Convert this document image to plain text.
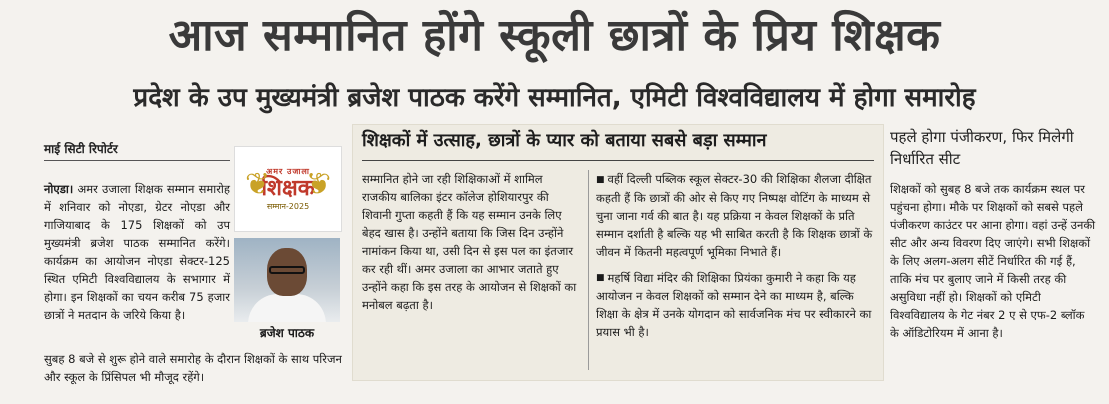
आज सम्मानित होंगे स्कूली छात्रों के प्रिय शिक्षक
प्रदेश के उप मुख्यमंत्री ब्रजेश पाठक करेंगे सम्मानित, एमिटी विश्वविद्यालय में होगा समारोह
माई सिटी रिपोर्टर
नोएडा। अमर उजाला शिक्षक सम्मान समारोह में शनिवार को नोएडा, ग्रेटर नोएडा और गाजियाबाद के 175 शिक्षकों को उप मुख्यमंत्री ब्रजेश पाठक सम्मानित करेंगे। कार्यक्रम का आयोजन नोएडा सेक्टर-125 स्थित एमिटी विश्वविद्यालय के सभागार में होगा। इन शिक्षकों का चयन करीब 75 हजार छात्रों ने मतदान के जरिये किया है।
सुबह 8 बजे से शुरू होने वाले समारोह के दौरान शिक्षकों के साथ परिजन और स्कूल के प्रिंसिपल भी मौजूद रहेंगे।
❦ ❦
अमर उजाला
शिक्षक
सम्मान-2025
ब्रजेश पाठक
शिक्षकों में उत्साह, छात्रों के प्यार को बताया सबसे बड़ा सम्मान

सम्मानित होने जा रही शिक्षिकाओं में शामिल राजकीय बालिका इंटर कॉलेज होशियारपुर की शिवानी गुप्ता कहती हैं कि यह सम्मान उनके लिए बेहद खास है। उन्होंने बताया कि जिस दिन उन्होंने नामांकन किया था, उसी दिन से इस पल का इंतजार कर रही थीं। अमर उजाला का आभार जताते हुए उन्होंने कहा कि इस तरह के आयोजन से शिक्षकों का मनोबल बढ़ता है।

■ वहीं दिल्ली पब्लिक स्कूल सेक्टर-30 की शिक्षिका शैलजा दीक्षित कहती हैं कि छात्रों की ओर से किए गए निष्पक्ष वोटिंग के माध्यम से चुना जाना गर्व की बात है। यह प्रक्रिया न केवल शिक्षकों के प्रति सम्मान दर्शाती है बल्कि यह भी साबित करती है कि शिक्षक छात्रों के जीवन में कितनी महत्वपूर्ण भूमिका निभाते हैं।

■ महर्षि विद्या मंदिर की शिक्षिका प्रियंका कुमारी ने कहा कि यह आयोजन न केवल शिक्षकों को सम्मान देने का माध्यम है, बल्कि शिक्षा के क्षेत्र में उनके योगदान को सार्वजनिक मंच पर स्वीकारने का प्रयास भी है।

पहले होगा पंजीकरण, फिर मिलेगी निर्धारित सीट
शिक्षकों को सुबह 8 बजे तक कार्यक्रम स्थल पर पहुंचना होगा। मौके पर शिक्षकों को सबसे पहले पंजीकरण काउंटर पर आना होगा। वहां उन्हें उनकी सीट और अन्य विवरण दिए जाएंगे। सभी शिक्षकों के लिए अलग-अलग सीटें निर्धारित की गई हैं, ताकि मंच पर बुलाए जाने में किसी तरह की असुविधा नहीं हो। शिक्षकों को एमिटी विश्वविद्यालय के गेट नंबर 2 ए से एफ-2 ब्लॉक के ऑडिटोरियम में आना है।
